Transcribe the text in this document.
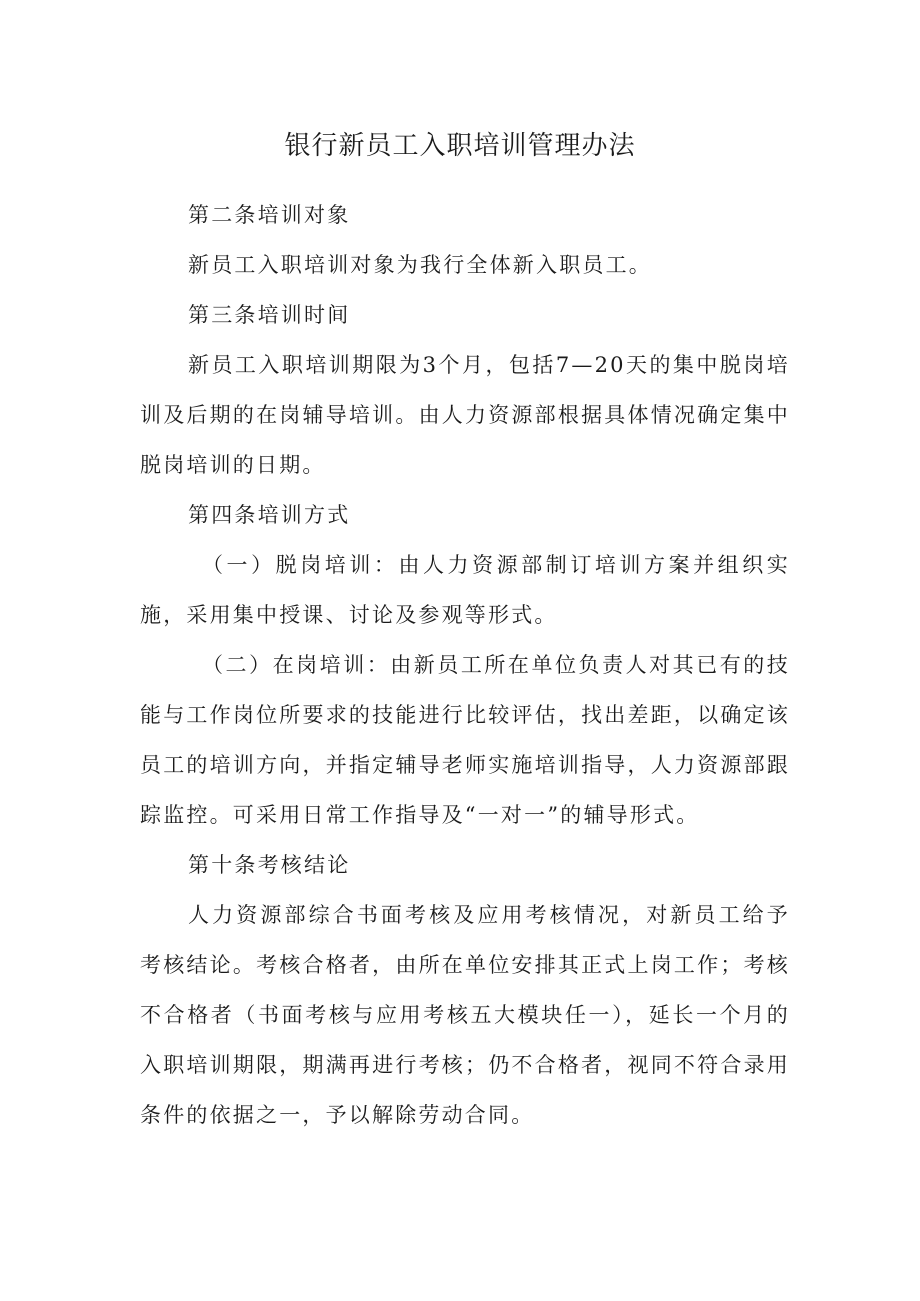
银行新员工入职培训管理办法

第二条培训对象

新员工入职培训对象为我行全体新入职员工。

第三条培训时间

新员工入职培训期限为3个月，包括7—20天的集中脱岗培训及后期的在岗辅导培训。由人力资源部根据具体情况确定集中脱岗培训的日期。

第四条培训方式

（一）脱岗培训：由人力资源部制订培训方案并组织实施，采用集中授课、讨论及参观等形式。

（二）在岗培训：由新员工所在单位负责人对其已有的技能与工作岗位所要求的技能进行比较评估，找出差距，以确定该员工的培训方向，并指定辅导老师实施培训指导，人力资源部跟踪监控。可采用日常工作指导及“一对一”的辅导形式。

第十条考核结论

人力资源部综合书面考核及应用考核情况，对新员工给予考核结论。考核合格者，由所在单位安排其正式上岗工作；考核不合格者（书面考核与应用考核五大模块任一），延长一个月的入职培训期限，期满再进行考核；仍不合格者，视同不符合录用条件的依据之一，予以解除劳动合同。
